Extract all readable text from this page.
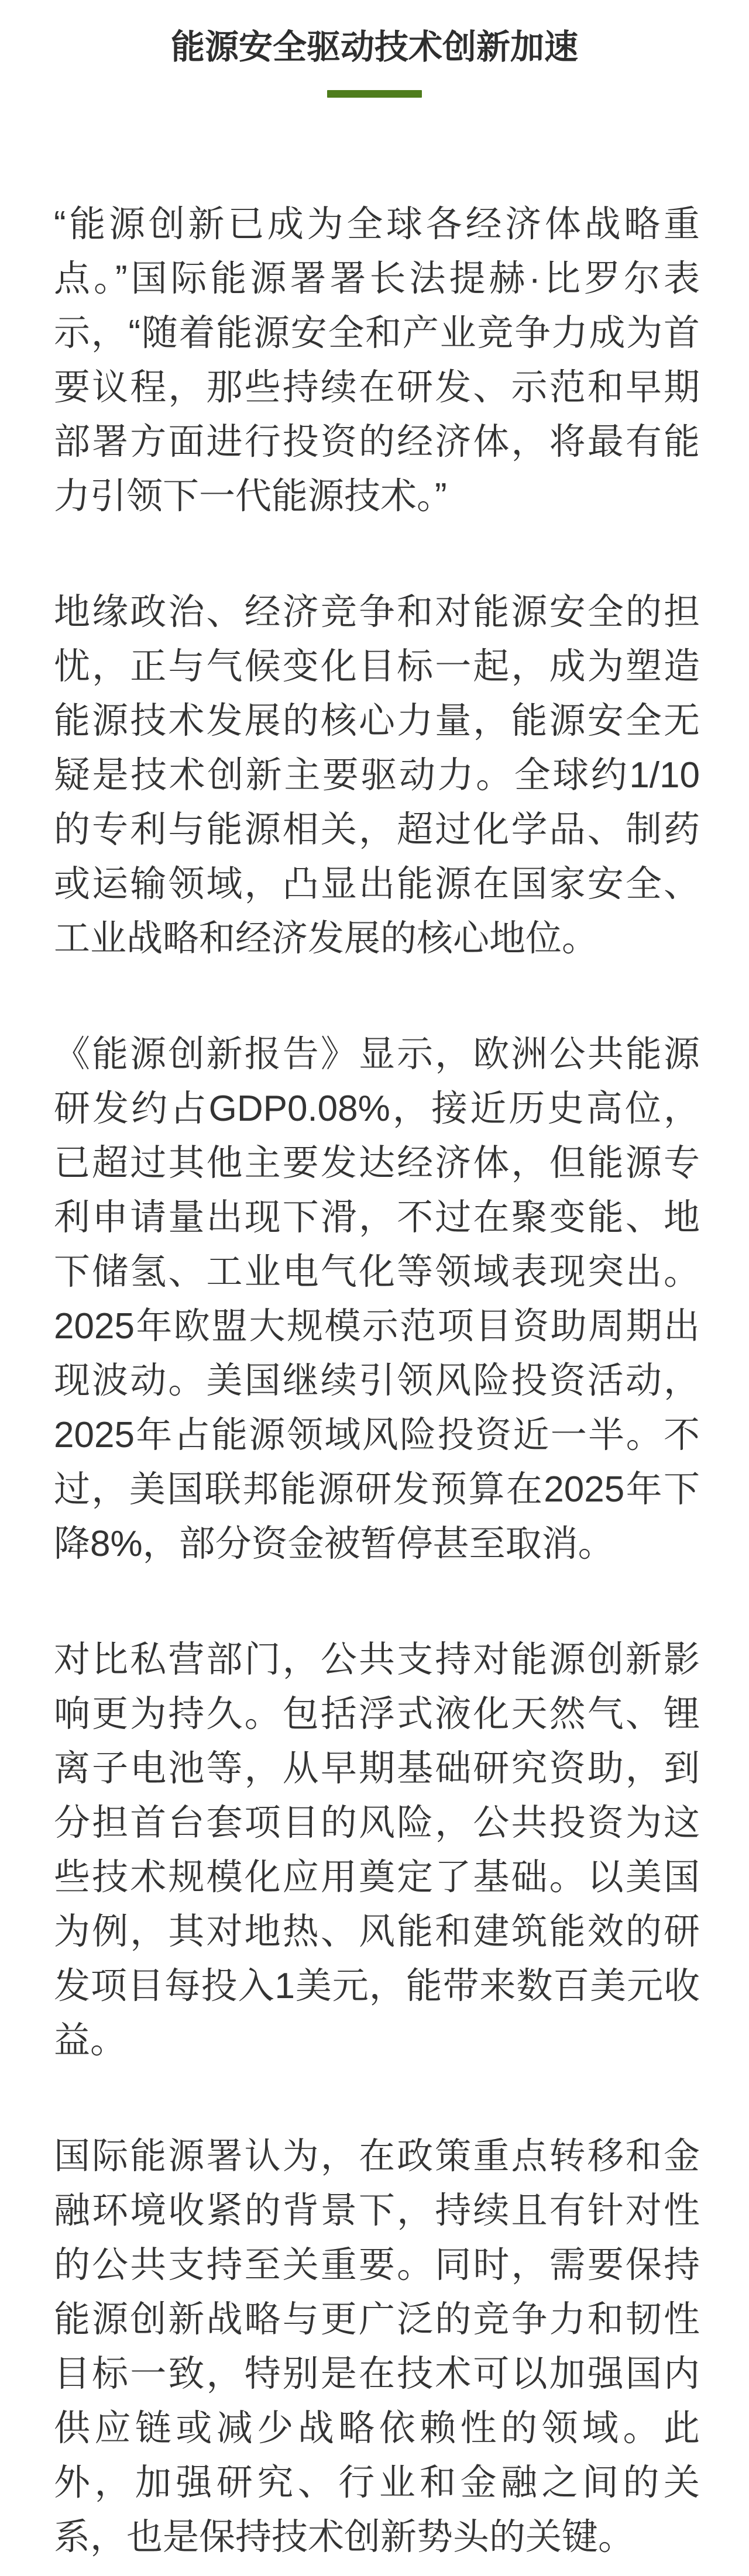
能源安全驱动技术创新加速

“能源创新已成为全球各经济体战略重点。”国际能源署署长法提赫·比罗尔表示，“随着能源安全和产业竞争力成为首要议程，那些持续在研发、示范和早期部署方面进行投资的经济体，将最有能力引领下一代能源技术。”

地缘政治、经济竞争和对能源安全的担忧，正与气候变化目标一起，成为塑造能源技术发展的核心力量，能源安全无疑是技术创新主要驱动力。全球约1/10的专利与能源相关，超过化学品、制药或运输领域，凸显出能源在国家安全、工业战略和经济发展的核心地位。

《能源创新报告》显示，欧洲公共能源研发约占GDP0.08%，接近历史高位，已超过其他主要发达经济体，但能源专利申请量出现下滑，不过在聚变能、地下储氢、工业电气化等领域表现突出。2025年欧盟大规模示范项目资助周期出现波动。美国继续引领风险投资活动，2025年占能源领域风险投资近一半。不过，美国联邦能源研发预算在2025年下降8%，部分资金被暂停甚至取消。

对比私营部门，公共支持对能源创新影响更为持久。包括浮式液化天然气、锂离子电池等，从早期基础研究资助，到分担首台套项目的风险，公共投资为这些技术规模化应用奠定了基础。以美国为例，其对地热、风能和建筑能效的研发项目每投入1美元，能带来数百美元收益。

国际能源署认为，在政策重点转移和金融环境收紧的背景下，持续且有针对性的公共支持至关重要。同时，需要保持能源创新战略与更广泛的竞争力和韧性目标一致，特别是在技术可以加强国内供应链或减少战略依赖性的领域。此外，加强研究、行业和金融之间的关系，也是保持技术创新势头的关键。
